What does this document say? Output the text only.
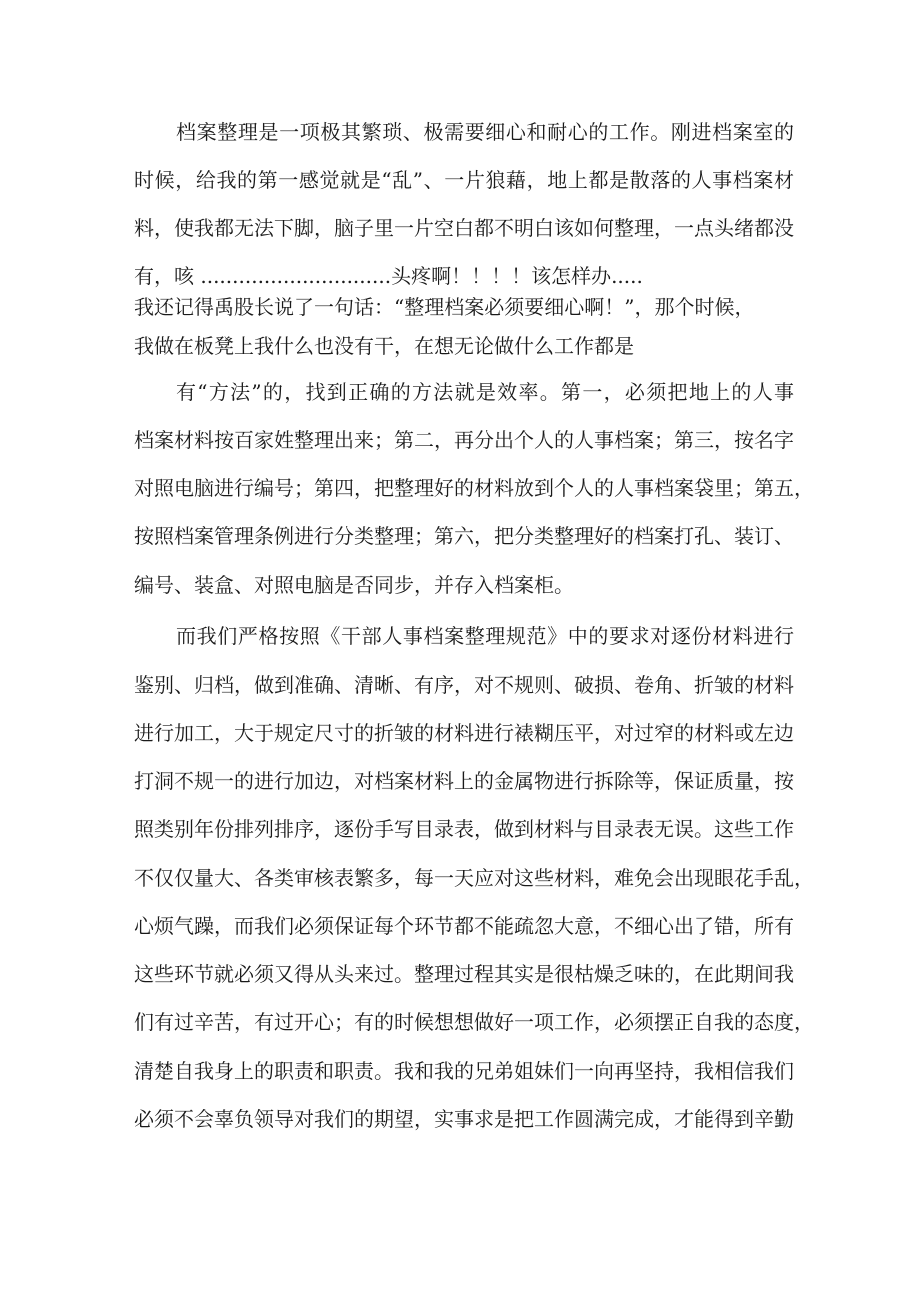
档案整理是一项极其繁琐、极需要细心和耐心的工作。刚进档案室的
时候，给我的第一感觉就是“乱”、一片狼藉，地上都是散落的人事档案材
料，使我都无法下脚，脑子里一片空白都不明白该如何整理，一点头绪都没
有，咳 ..............................头疼啊！！！！该怎样办.....
我还记得禹股长说了一句话：“整理档案必须要细心啊！”，那个时候，
我做在板凳上我什么也没有干，在想无论做什么工作都是
有“方法”的，找到正确的方法就是效率。第一，必须把地上的人事
档案材料按百家姓整理出来；第二，再分出个人的人事档案；第三，按名字
对照电脑进行编号；第四，把整理好的材料放到个人的人事档案袋里；第五，
按照档案管理条例进行分类整理；第六，把分类整理好的档案打孔、装订、
编号、装盒、对照电脑是否同步，并存入档案柜。
而我们严格按照《干部人事档案整理规范》中的要求对逐份材料进行
鉴别、归档，做到准确、清晰、有序，对不规则、破损、卷角、折皱的材料
进行加工，大于规定尺寸的折皱的材料进行裱糊压平，对过窄的材料或左边
打洞不规一的进行加边，对档案材料上的金属物进行拆除等，保证质量，按
照类别年份排列排序，逐份手写目录表，做到材料与目录表无误。这些工作
不仅仅量大、各类审核表繁多，每一天应对这些材料，难免会出现眼花手乱，
心烦气躁，而我们必须保证每个环节都不能疏忽大意，不细心出了错，所有
这些环节就必须又得从头来过。整理过程其实是很枯燥乏味的，在此期间我
们有过辛苦，有过开心；有的时候想想做好一项工作，必须摆正自我的态度，
清楚自我身上的职责和职责。我和我的兄弟姐妹们一向再坚持，我相信我们
必须不会辜负领导对我们的期望，实事求是把工作圆满完成，才能得到辛勤
